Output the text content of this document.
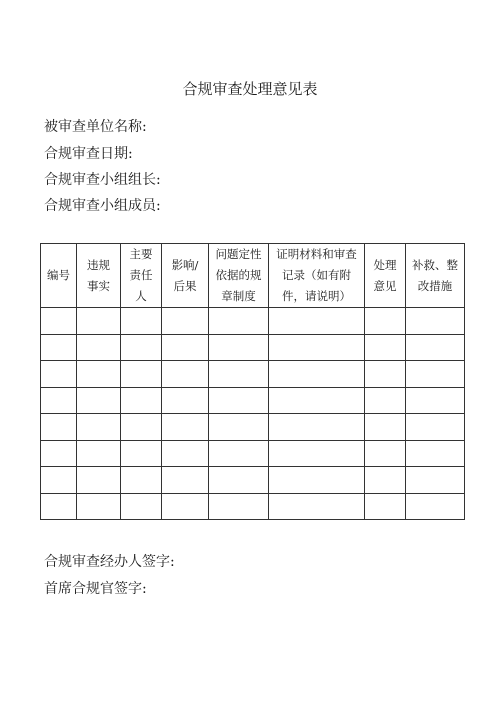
合规审查处理意见表
被审查单位名称:
合规审查日期:
合规审查小组组长:
合规审查小组成员:
编号	违规事实	主要责任人	影响/后果	问题定性依据的规章制度	证明材料和审查记录（如有附件，请说明）	处理意见	补救、整改措施

合规审查经办人签字:
首席合规官签字:
